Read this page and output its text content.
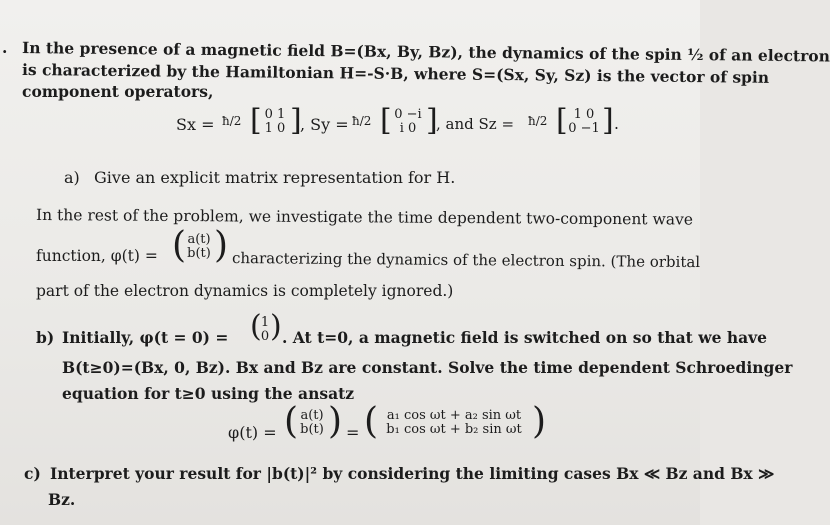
. In the presence of a magnetic field B=(Bx, By, Bz), the dynamics of the spin ½ of an electron
is characterized by the Hamiltonian H=-S·B, where S=(Sx, Sy, Sz) is the vector of spin
component operators,
Sx = ħ/2 [ 0 1
1 0 ]
, Sy = ħ/2 [ 0 −i
i 0 ]
, and Sz = ħ/2 [ 1 0
0 −1 ] .
a) Give an explicit matrix representation for H.
In the rest of the problem, we investigate the time dependent two-component wave
function, φ(t) = ( a(t)
b(t) ) characterizing the dynamics of the electron spin. (The orbital
part of the electron dynamics is completely ignored.)
b) Initially, φ(t = 0) = ( 1
0 ) . At t=0, a magnetic field is switched on so that we have
B(t≥0)=(Bx, 0, Bz). Bx and Bz are constant. Solve the time dependent Schroedinger
equation for t≥0 using the ansatz
φ(t) = ( a(t)
b(t) ) = ( a₁ cos ωt + a₂ sin ωt
b₁ cos ωt + b₂ sin ωt )
c) Interpret your result for |b(t)|² by considering the limiting cases Bx ≪ Bz and Bx ≫
Bz.
